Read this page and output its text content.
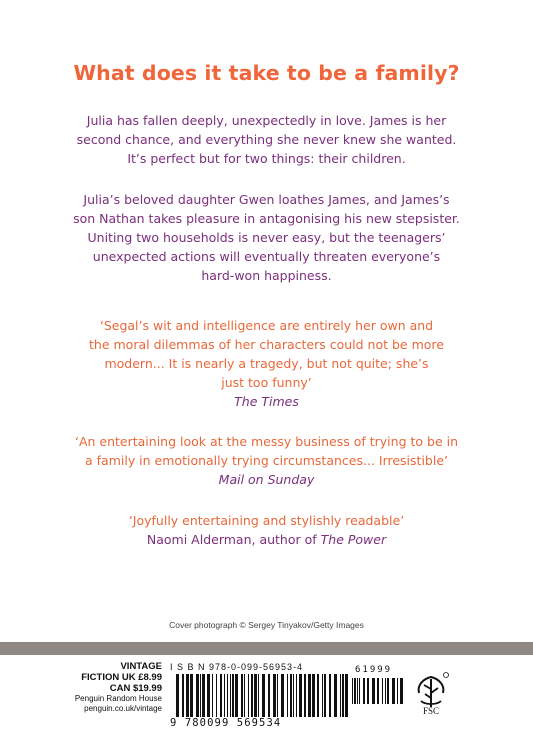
What does it take to be a family?
Julia has fallen deeply, unexpectedly in love. James is her
second chance, and everything she never knew she wanted.
It’s perfect but for two things: their children.
Julia’s beloved daughter Gwen loathes James, and James’s
son Nathan takes pleasure in antagonising his new stepsister.
Uniting two households is never easy, but the teenagers’
unexpected actions will eventually threaten everyone’s
hard-won happiness.
‘Segal’s wit and intelligence are entirely her own and
the moral dilemmas of her characters could not be more
modern... It is nearly a tragedy, but not quite; she’s
just too funny’
The Times
‘An entertaining look at the messy business of trying to be in
a family in emotionally trying circumstances... Irresistible’
Mail on Sunday
‘Joyfully entertaining and stylishly readable’
Naomi Alderman, author of The Power
Cover photograph © Sergey Tinyakov/Getty Images
VINTAGE
FICTION UK £8.99
CAN $19.99
Penguin Random House
penguin.co.uk/vintage
I S B N 978-0-099-56953-4
9 780099 569534
61999
FSC
